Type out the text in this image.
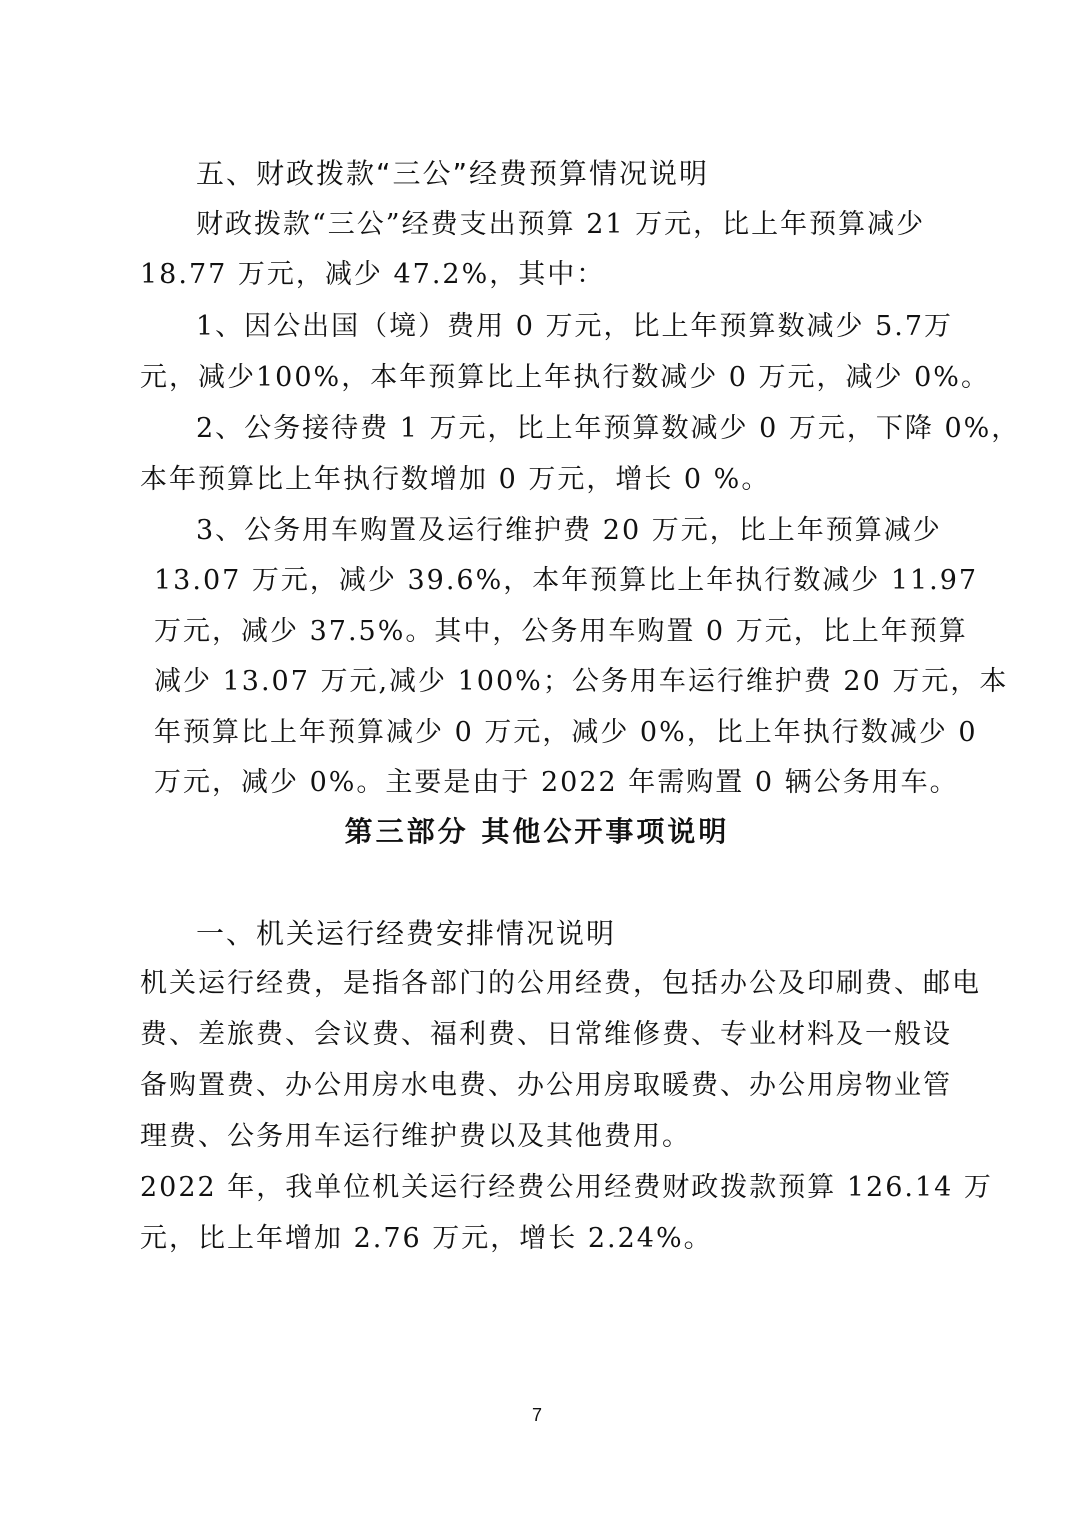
五、财政拨款“三公”经费预算情况说明
财政拨款“三公”经费支出预算 21 万元，比上年预算减少
18.77 万元，减少 47.2%，其中：
1、因公出国（境）费用 0 万元，比上年预算数减少 5.7万
元，减少100%，本年预算比上年执行数减少 0 万元，减少 0%。
2、公务接待费 1 万元，比上年预算数减少 0 万元，下降 0%，
本年预算比上年执行数增加 0 万元，增长 0 %。
3、公务用车购置及运行维护费 20 万元，比上年预算减少
13.07 万元，减少 39.6%，本年预算比上年执行数减少 11.97
万元，减少 37.5%。其中，公务用车购置 0 万元，比上年预算
减少 13.07 万元,减少 100%；公务用车运行维护费 20 万元，本
年预算比上年预算减少 0 万元，减少 0%，比上年执行数减少 0
万元，减少 0%。主要是由于 2022 年需购置 0 辆公务用车。
第三部分 其他公开事项说明
一、机关运行经费安排情况说明
机关运行经费，是指各部门的公用经费，包括办公及印刷费、邮电
费、差旅费、会议费、福利费、日常维修费、专业材料及一般设
备购置费、办公用房水电费、办公用房取暖费、办公用房物业管
理费、公务用车运行维护费以及其他费用。
2022 年，我单位机关运行经费公用经费财政拨款预算 126.14 万
元，比上年增加 2.76 万元，增长 2.24%。
7
